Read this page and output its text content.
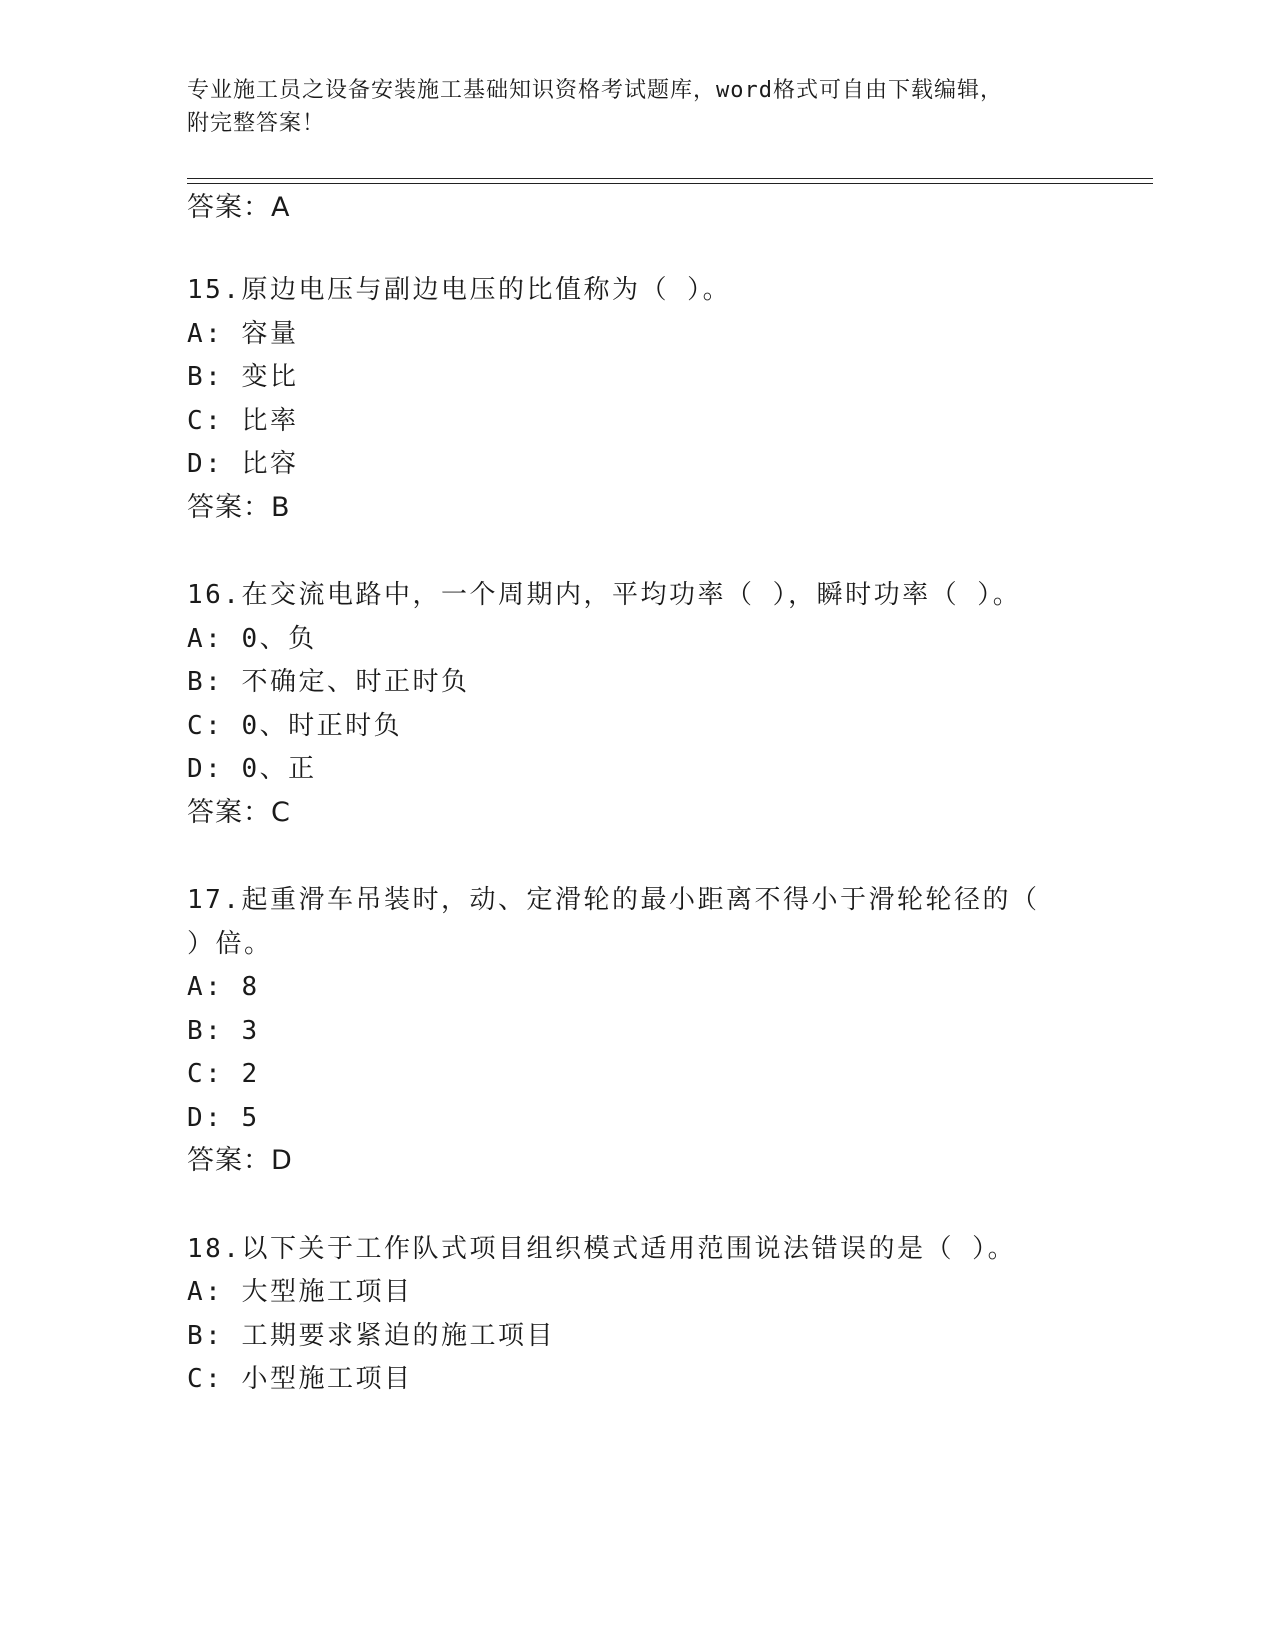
专业施工员之设备安装施工基础知识资格考试题库，word格式可自由下载编辑，
附完整答案！
答案：A
15.原边电压与副边电压的比值称为（ ）。
A: 容量
B: 变比
C: 比率
D: 比容
答案：B
16.在交流电路中，一个周期内，平均功率（ ），瞬时功率（ ）。
A: 0、负
B: 不确定、时正时负
C: 0、时正时负
D: 0、正
答案：C
17.起重滑车吊装时，动、定滑轮的最小距离不得小于滑轮轮径的（
）倍。
A: 8
B: 3
C: 2
D: 5
答案：D
18.以下关于工作队式项目组织模式适用范围说法错误的是（ ）。
A: 大型施工项目
B: 工期要求紧迫的施工项目
C: 小型施工项目
